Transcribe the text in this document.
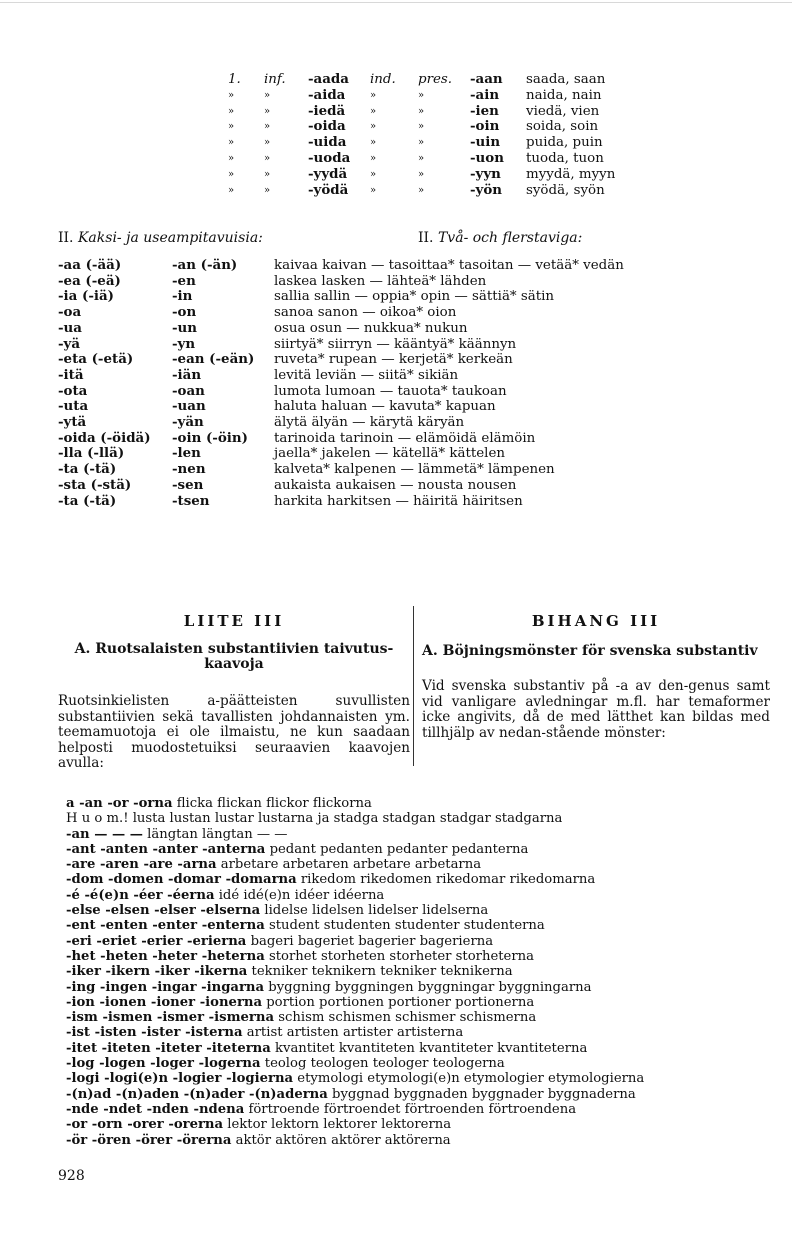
1.	inf.	-aada	ind.	pres.	-aan	saada, saan
»	»	-aida	»	»	-ain	naida, nain
»	»	-iedä	»	»	-ien	viedä, vien
»	»	-oida	»	»	-oin	soida, soin
»	»	-uida	»	»	-uin	puida, puin
»	»	-uoda	»	»	-uon	tuoda, tuon
»	»	-yydä	»	»	-yyn	myydä, myyn
»	»	-yödä	»	»	-yön	syödä, syön
II. Kaksi- ja useampitavuisia:	II. Två- och flerstaviga:
-aa (-ää)	-an (-än)	kaivaa kaivan — tasoittaa* tasoitan — vetää* vedän
-ea (-eä)	-en	laskea lasken — lähteä* lähden
-ia (-iä)	-in	sallia sallin — oppia* opin — sättiä* sätin
-oa	-on	sanoa sanon — oikoa* oion
-ua	-un	osua osun — nukkua* nukun
-yä	-yn	siirtyä* siirryn — kääntyä* käännyn
-eta (-etä)	-ean (-eän)	ruveta* rupean — kerjetä* kerkeän
-itä	-iän	levitä leviän — siitä* sikiän
-ota	-oan	lumota lumoan — tauota* taukoan
-uta	-uan	haluta haluan — kavuta* kapuan
-ytä	-yän	älytä älyän — kärytä käryän
-oida (-öidä)	-oin (-öin)	tarinoida tarinoin — elämöidä elämöin
-lla (-llä)	-len	jaella* jakelen — kätellä* kättelen
-ta (-tä)	-nen	kalveta* kalpenen — lämmetä* lämpenen
-sta (-stä)	-sen	aukaista aukaisen — nousta nousen
-ta (-tä)	-tsen	harkita harkitsen — häiritä häiritsen
LIITE III
A. Ruotsalaisten substantiivien taivutus-kaavoja
Ruotsinkielisten a-päätteisten suvullisten substantiivien sekä tavallisten johdannaisten ym. teemamuotoja ei ole ilmaistu, ne kun saadaan helposti muodostetuiksi seuraavien kaavojen avulla:
BIHANG III
A. Böjningsmönster för svenska substantiv
Vid svenska substantiv på -a av den-genus samt vid vanligare avledningar m.fl. har temaformer icke angivits, då de med lätthet kan bildas med tillhjälp av nedan-stående mönster:
a -an -or -orna flicka flickan flickor flickorna
H u o m.! lusta lustan lustar lustarna ja stadga stadgan stadgar stadgarna
-an — — — längtan längtan — —
-ant -anten -anter -anterna pedant pedanten pedanter pedanterna
-are -aren -are -arna arbetare arbetaren arbetare arbetarna
-dom -domen -domar -domarna rikedom rikedomen rikedomar rikedomarna
-é -é(e)n -éer -éerna idé idé(e)n idéer idéerna
-else -elsen -elser -elserna lidelse lidelsen lidelser lidelserna
-ent -enten -enter -enterna student studenten studenter studenterna
-eri -eriet -erier -erierna bageri bageriet bagerier bagerierna
-het -heten -heter -heterna storhet storheten storheter storheterna
-iker -ikern -iker -ikerna tekniker teknikern tekniker teknikerna
-ing -ingen -ingar -ingarna byggning byggningen byggningar byggningarna
-ion -ionen -ioner -ionerna portion portionen portioner portionerna
-ism -ismen -ismer -ismerna schism schismen schismer schismerna
-ist -isten -ister -isterna artist artisten artister artisterna
-itet -iteten -iteter -iteterna kvantitet kvantiteten kvantiteter kvantiteterna
-log -logen -loger -logerna teolog teologen teologer teologerna
-logi -logi(e)n -logier -logierna etymologi etymologi(e)n etymologier etymologierna
-(n)ad -(n)aden -(n)ader -(n)aderna byggnad byggnaden byggnader byggnaderna
-nde -ndet -nden -ndena förtroende förtroendet förtroenden förtroendena
-or -orn -orer -orerna lektor lektorn lektorer lektorerna
-ör -ören -örer -örerna aktör aktören aktörer aktörerna
928
